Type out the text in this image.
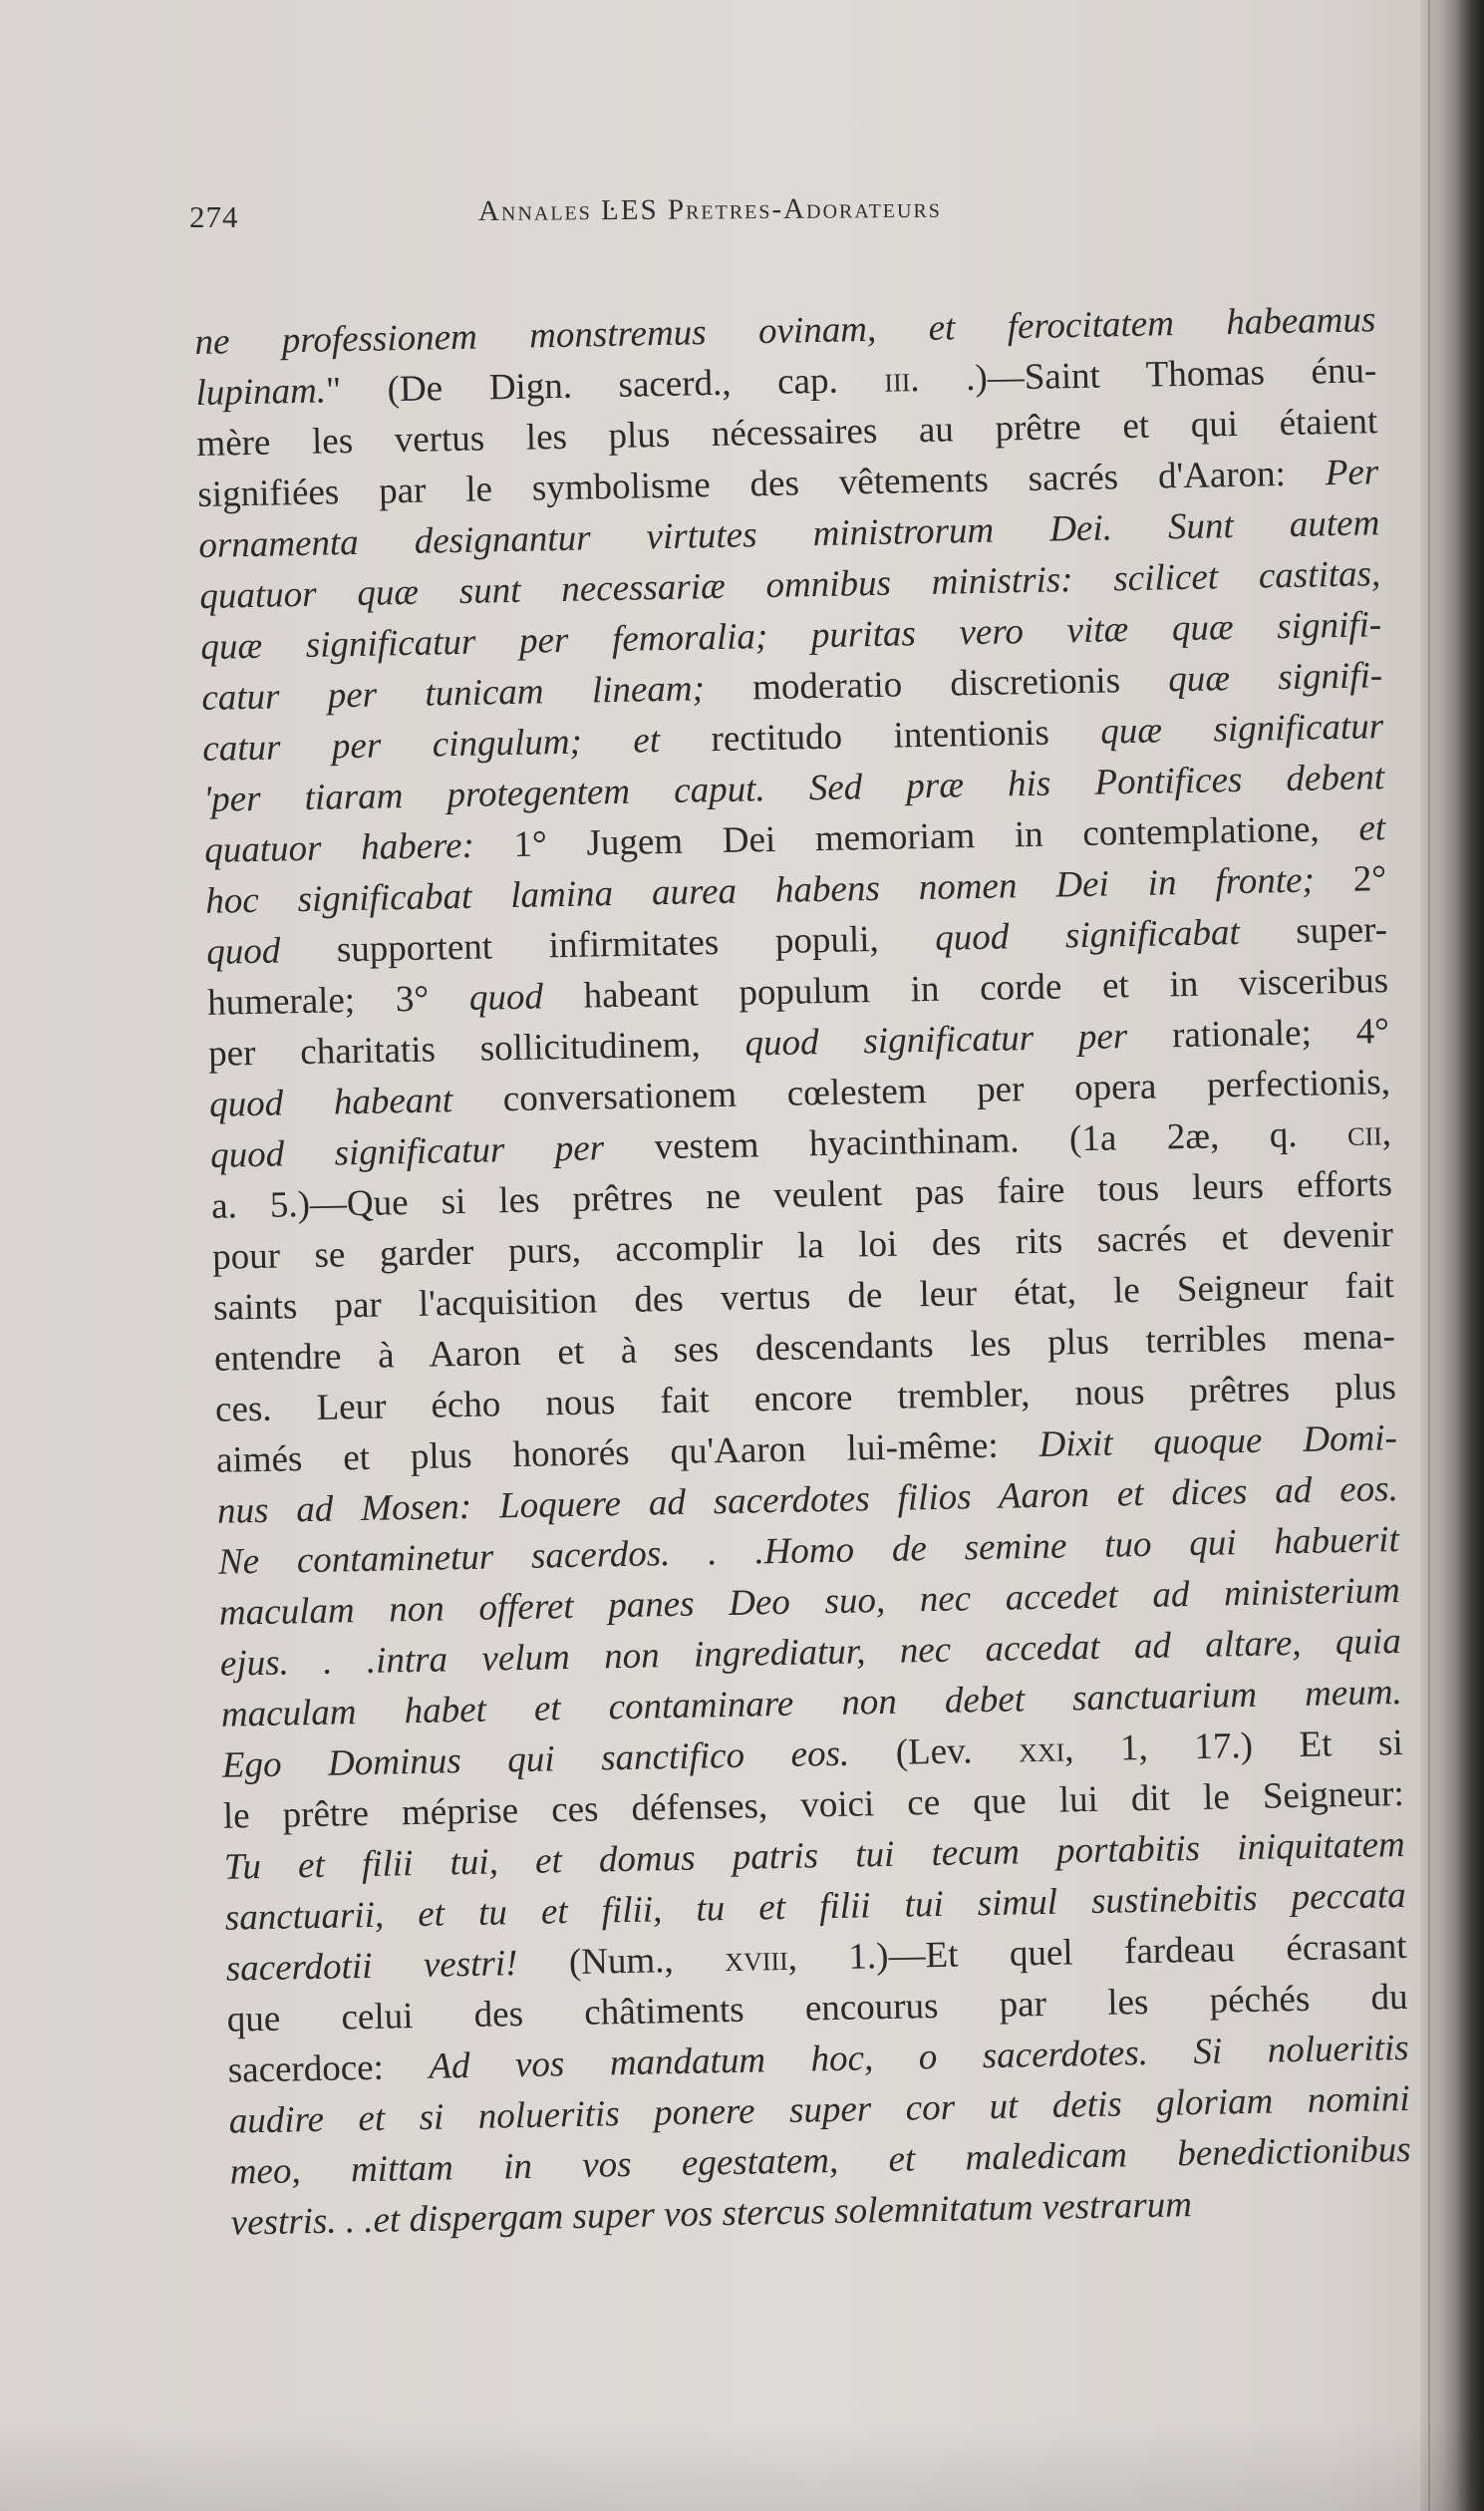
274	Annales ĿES Pretres-Adorateurs
ne professionem monstremus ovinam, et ferocitatem habeamus
lupinam." (De Dign. sacerd., cap. iii. .)—Saint Thomas énu-
mère les vertus les plus nécessaires au prêtre et qui étaient
signifiées par le symbolisme des vêtements sacrés d'Aaron: Per
ornamenta designantur virtutes ministrorum Dei. Sunt autem
quatuor quæ sunt necessariæ omnibus ministris: scilicet castitas,
quæ significatur per femoralia; puritas vero vitæ quæ signifi-
catur per tunicam lineam; moderatio discretionis quæ signifi-
catur per cingulum; et rectitudo intentionis quæ significatur
'per tiaram protegentem caput. Sed præ his Pontifices debent
quatuor habere: 1° Jugem Dei memoriam in contemplatione, et
hoc significabat lamina aurea habens nomen Dei in fronte; 2°
quod supportent infirmitates populi, quod significabat super-
humerale; 3° quod habeant populum in corde et in visceribus
per charitatis sollicitudinem, quod significatur per rationale; 4°
quod habeant conversationem cœlestem per opera perfectionis,
quod significatur per vestem hyacinthinam. (1a 2æ, q. cii,
a. 5.)—Que si les prêtres ne veulent pas faire tous leurs efforts
pour se garder purs, accomplir la loi des rits sacrés et devenir
saints par l'acquisition des vertus de leur état, le Seigneur fait
entendre à Aaron et à ses descendants les plus terribles mena-
ces. Leur écho nous fait encore trembler, nous prêtres plus
aimés et plus honorés qu'Aaron lui-même: Dixit quoque Domi-
nus ad Mosen: Loquere ad sacerdotes filios Aaron et dices ad eos.
Ne contaminetur sacerdos. . .Homo de semine tuo qui habuerit
maculam non offeret panes Deo suo, nec accedet ad ministerium
ejus. . .intra velum non ingrediatur, nec accedat ad altare, quia
maculam habet et contaminare non debet sanctuarium meum.
Ego Dominus qui sanctifico eos. (Lev. xxi, 1, 17.) Et si
le prêtre méprise ces défenses, voici ce que lui dit le Seigneur:
Tu et filii tui, et domus patris tui tecum portabitis iniquitatem
sanctuarii, et tu et filii, tu et filii tui simul sustinebitis peccata
sacerdotii vestri! (Num., xviii, 1.)—Et quel fardeau écrasant
que celui des châtiments encourus par les péchés du
sacerdoce: Ad vos mandatum hoc, o sacerdotes. Si nolueritis
audire et si nolueritis ponere super cor ut detis gloriam nomini
meo, mittam in vos egestatem, et maledicam benedictionibus
vestris. . .et dispergam super vos stercus solemnitatum vestrarum
